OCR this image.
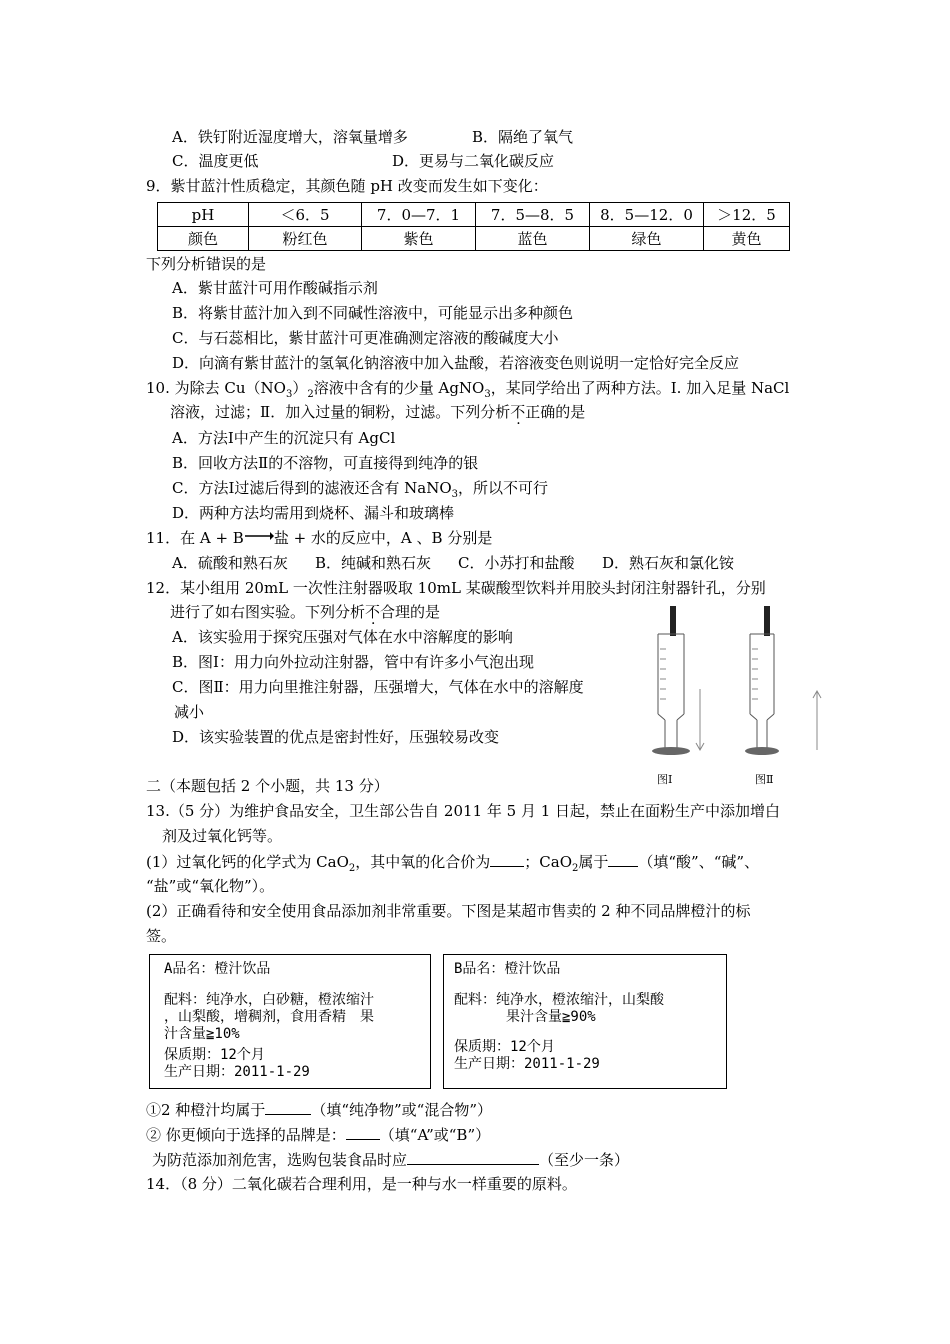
A．铁钉附近湿度增大，溶氧量增多	B．隔绝了氧气
C．温度更低	D．更易与二氧化碳反应
9．紫甘蓝汁性质稳定，其颜色随 pH 改变而发生如下变化：
pH	＜6．5	7．0—7．1	7．5—8．5	8．5—12．0	＞12．5
颜色	粉红色	紫色	蓝色	绿色	黄色
下列分析错误的是
A．紫甘蓝汁可用作酸碱指示剂
B．将紫甘蓝汁加入到不同碱性溶液中，可能显示出多种颜色
C．与石蕊相比，紫甘蓝汁可更准确测定溶液的酸碱度大小
D．向滴有紫甘蓝汁的氢氧化钠溶液中加入盐酸，若溶液变色则说明一定恰好完全反应
10. 为除去 $Cu(NO_3)_2$溶液中含有的少量 AgNO$_3$，某同学给出了两种方法。Ⅰ. 加入足量 NaCl
溶液，过滤；Ⅱ．加入过量的铜粉，过滤。下列分析不正确的是
A．方法Ⅰ中产生的沉淀只有 AgCl
B．回收方法Ⅱ的不溶物，可直接得到纯净的银
C．方法Ⅰ过滤后得到的滤液还含有 NaNO$_3$，所以不可行
D．两种方法均需用到烧杯、漏斗和玻璃棒
11．在 A + B 盐 + 水的反应中，A 、B 分别是
A．硫酸和熟石灰 B．纯碱和熟石灰 C．小苏打和盐酸 D．熟石灰和氯化铵
12．某小组用 20mL 一次性注射器吸取 10mL 某碳酸型饮料并用胶头封闭注射器针孔，分别
进行了如右图实验。下列分析不合理的是
A．该实验用于探究压强对气体在水中溶解度的影响
B．图Ⅰ：用力向外拉动注射器，管中有许多小气泡出现
C．图Ⅱ：用力向里推注射器，压强增大，气体在水中的溶解度
减小
D．该实验装置的优点是密封性好，压强较易改变
图Ⅰ	图Ⅱ
二（本题包括 2 个小题，共 13 分）
13.（5 分）为维护食品安全，卫生部公告自 2011 年 5 月 1 日起，禁止在面粉生产中添加增白
剂及过氧化钙等。
(1）过氧化钙的化学式为 CaO$_2$，其中氧的化合价为 ；CaO$_2$属于 （填“酸”、“碱”、
“盐”或“氧化物”）。
(2）正确看待和安全使用食品添加剂非常重要。下图是某超市售卖的 2 种不同品牌橙汁的标
签。
A品名：橙汁饮品
配料：纯净水，白砂糖，橙浓缩汁
，山梨酸，增稠剂，食用香精　果
汁含量≧10%
保质期：12个月
生产日期：2011-1-29
B品名：橙汁饮品
配料：纯净水，橙浓缩汁，山梨酸
果汁含量≧90%
保质期：12个月
生产日期：2011-1-29
①2 种橙汁均属于	（填“纯净物”或“混合物”）
② 你更倾向于选择的品牌是： （填“A”或“B”）
为防范添加剂危害，选购包装食品时应	（至少一条）
14．（8 分）二氧化碳若合理利用，是一种与水一样重要的原料。
